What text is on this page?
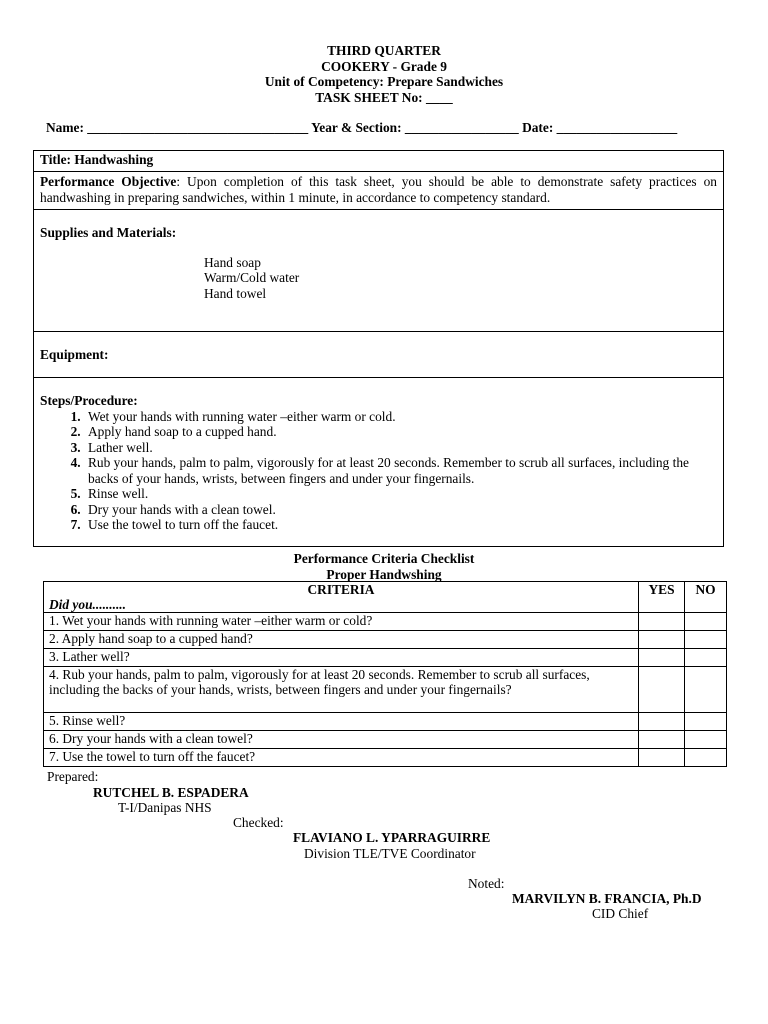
THIRD QUARTER
COOKERY - Grade 9
Unit of Competency: Prepare Sandwiches
TASK SHEET No: ____
Name: _________________________________ Year & Section: _________________ Date: __________________
Title: Handwashing
Performance Objective: Upon completion of this task sheet, you should be able to demonstrate safety practices on handwashing in preparing sandwiches, within 1 minute, in accordance to competency standard.

Supplies and Materials:
Hand soap
Warm/Cold water
Hand towel

Equipment:

Steps/Procedure:
1. Wet your hands with running water –either warm or cold.
2. Apply hand soap to a cupped hand.
3. Lather well.
4. Rub your hands, palm to palm, vigorously for at least 20 seconds. Remember to scrub all surfaces, including the backs of your hands, wrists, between fingers and under your fingernails.
5. Rinse well.
6. Dry your hands with a clean towel.
7. Use the towel to turn off the faucet.
Performance Criteria Checklist
Proper Handwshing
CRITERIA
Did you..........	YES	NO
1. Wet your hands with running water –either warm or cold?		
2. Apply hand soap to a cupped hand?		
3. Lather well?		
4. Rub your hands, palm to palm, vigorously for at least 20 seconds. Remember to scrub all surfaces, including the backs of your hands, wrists, between fingers and under your fingernails?		
5. Rinse well?		
6. Dry your hands with a clean towel?		
7. Use the towel to turn off the faucet?		
Prepared:
RUTCHEL B. ESPADERA
T-I/Danipas NHS
Checked:
FLAVIANO L. YPARRAGUIRRE
Division TLE/TVE Coordinator
Noted:
MARVILYN B. FRANCIA, Ph.D
CID Chief
